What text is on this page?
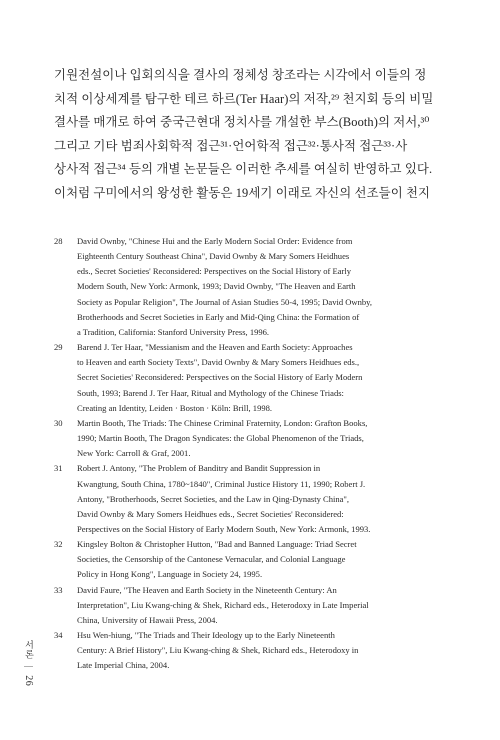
기원전설이나 입회의식을 결사의 정체성 창조라는 시각에서 이들의 정
치적 이상세계를 탐구한 테르 하르(Ter Haar)의 저작,²⁹ 천지회 등의 비밀
결사를 매개로 하여 중국근현대 정치사를 개설한 부스(Booth)의 저서,³⁰
그리고 기타 범죄사회학적 접근³¹·언어학적 접근³²·통사적 접근³³·사
상사적 접근³⁴ 등의 개별 논문들은 이러한 추세를 여실히 반영하고 있다.
이처럼 구미에서의 왕성한 활동은 19세기 이래로 자신의 선조들이 천지
28 David Ownby, "Chinese Hui and the Early Modern Social Order: Evidence from
Eighteenth Century Southeast China", David Ownby & Mary Somers Heidhues
eds., Secret Societies' Reconsidered: Perspectives on the Social History of Early
Modern South, New York: Armonk, 1993; David Ownby, "The Heaven and Earth
Society as Popular Religion", The Journal of Asian Studies 50-4, 1995; David Ownby,
Brotherhoods and Secret Societies in Early and Mid-Qing China: the Formation of
a Tradition, California: Stanford University Press, 1996.
29 Barend J. Ter Haar, "Messianism and the Heaven and Earth Society: Approaches
to Heaven and earth Society Texts", David Ownby & Mary Somers Heidhues eds.,
Secret Societies' Reconsidered: Perspectives on the Social History of Early Modern
South, 1993; Barend J. Ter Haar, Ritual and Mythology of the Chinese Triads:
Creating an Identity, Leiden · Boston · Köln: Brill, 1998.
30 Martin Booth, The Triads: The Chinese Criminal Fraternity, London: Grafton Books,
1990; Martin Booth, The Dragon Syndicates: the Global Phenomenon of the Triads,
New York: Carroll & Graf, 2001.
31 Robert J. Antony, "The Problem of Banditry and Bandit Suppression in
Kwangtung, South China, 1780~1840", Criminal Justice History 11, 1990; Robert J.
Antony, "Brotherhoods, Secret Societies, and the Law in Qing-Dynasty China",
David Ownby & Mary Somers Heidhues eds., Secret Societies' Reconsidered:
Perspectives on the Social History of Early Modern South, New York: Armonk, 1993.
32 Kingsley Bolton & Christopher Hutton, "Bad and Banned Language: Triad Secret
Societies, the Censorship of the Cantonese Vernacular, and Colonial Language
Policy in Hong Kong", Language in Society 24, 1995.
33 David Faure, "The Heaven and Earth Society in the Nineteenth Century: An
Interpretation", Liu Kwang-ching & Shek, Richard eds., Heterodoxy in Late Imperial
China, University of Hawaii Press, 2004.
34 Hsu Wen-hiung, "The Triads and Their Ideology up to the Early Nineteenth
Century: A Brief History", Liu Kwang-ching & Shek, Richard eds., Heterodoxy in
Late Imperial China, 2004.
서론 | 26
